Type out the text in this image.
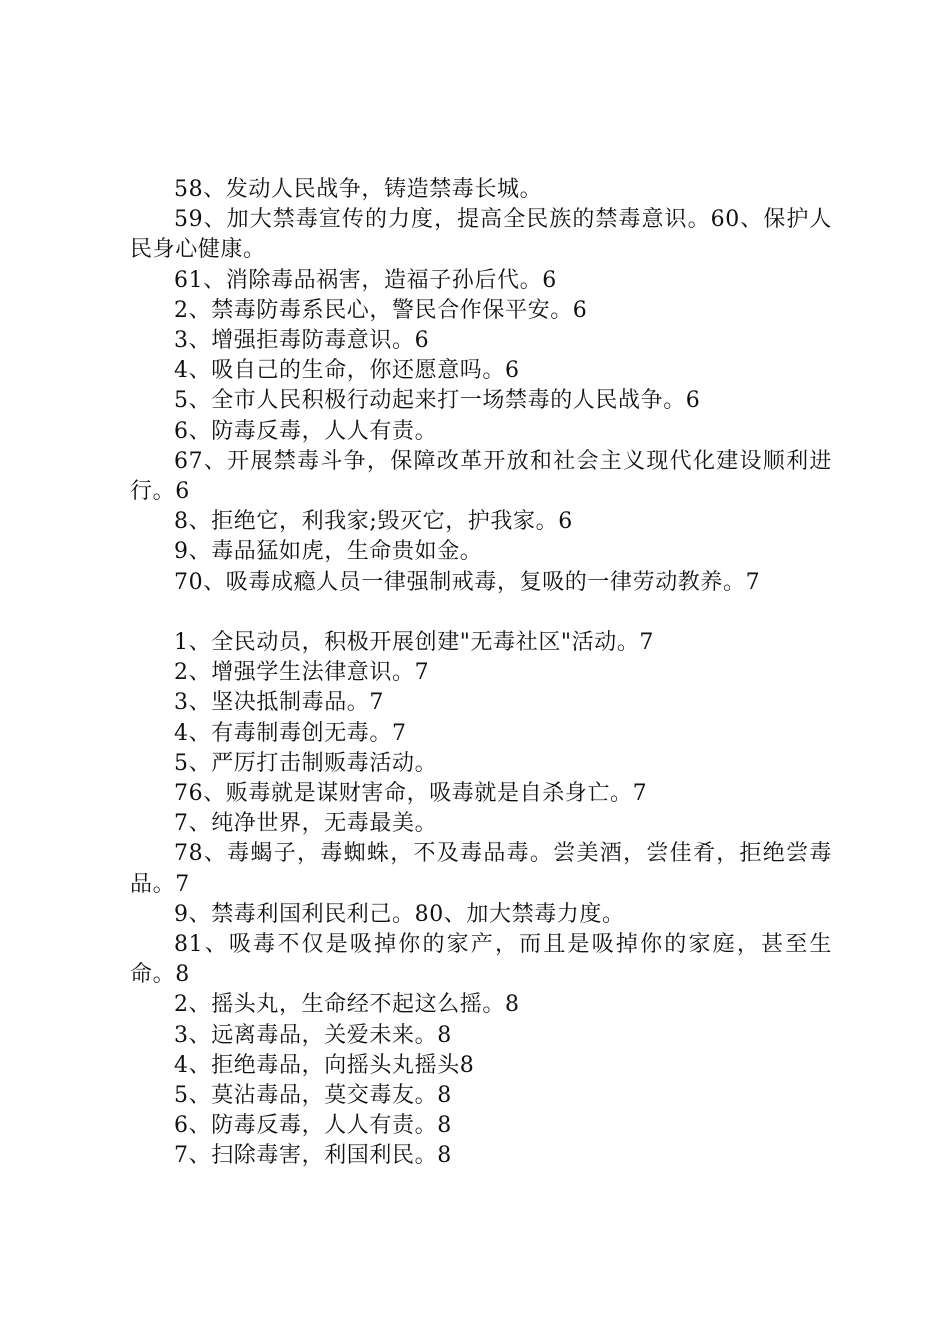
58、发动人民战争，铸造禁毒长城。

59、加大禁毒宣传的力度，提高全民族的禁毒意识。60、保护人民身心健康。

61、消除毒品祸害，造福子孙后代。6

2、禁毒防毒系民心，警民合作保平安。6

3、增强拒毒防毒意识。6

4、吸自己的生命，你还愿意吗。6

5、全市人民积极行动起来打一场禁毒的人民战争。6

6、防毒反毒，人人有责。

67、开展禁毒斗争，保障改革开放和社会主义现代化建设顺利进行。6

8、拒绝它，利我家;毁灭它，护我家。6

9、毒品猛如虎，生命贵如金。

70、吸毒成瘾人员一律强制戒毒，复吸的一律劳动教养。7

1、全民动员，积极开展创建"无毒社区"活动。7

2、增强学生法律意识。7

3、坚决抵制毒品。7

4、有毒制毒创无毒。7

5、严厉打击制贩毒活动。

76、贩毒就是谋财害命，吸毒就是自杀身亡。7

7、纯净世界，无毒最美。

78、毒蝎子，毒蜘蛛，不及毒品毒。尝美酒，尝佳肴，拒绝尝毒品。7

9、禁毒利国利民利己。80、加大禁毒力度。

81、吸毒不仅是吸掉你的家产，而且是吸掉你的家庭，甚至生命。8

2、摇头丸，生命经不起这么摇。8

3、远离毒品，关爱未来。8

4、拒绝毒品，向摇头丸摇头8

5、莫沾毒品，莫交毒友。8

6、防毒反毒，人人有责。8

7、扫除毒害，利国利民。8
